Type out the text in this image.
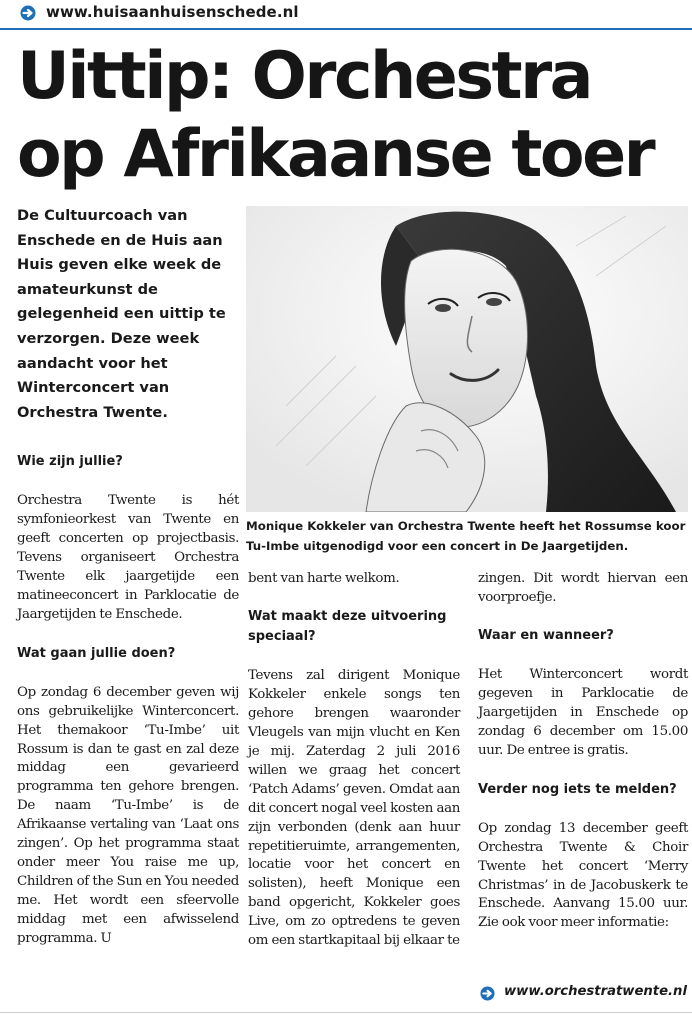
www.huisaanhuisenschede.nl
Uittip: Orchestra
op Afrikaanse toer
De Cultuurcoach van Enschede en de Huis aan Huis geven elke week de amateurkunst de gelegenheid een uittip te verzorgen. Deze week aandacht voor het Winterconcert van Orchestra Twente.
Monique Kokkeler van Orchestra Twente heeft het Rossumse koor Tu-Imbe uitgenodigd voor een concert in De Jaargetijden.
Wie zijn jullie?

Orchestra Twente is hét symfonieorkest van Twente en geeft concerten op projectbasis. Tevens organiseert Orchestra Twente elk jaargetijde een matineeconcert in Parklocatie de Jaargetijden te Enschede.

Wat gaan jullie doen?

Op zondag 6 december geven wij ons gebruikelijke Winterconcert. Het themakoor ‘Tu-Imbe’ uit Rossum is dan te gast en zal deze middag een gevarieerd programma ten gehore brengen. De naam ‘Tu-Imbe’ is de Afrikaanse vertaling van ‘Laat ons zingen’. Op het programma staat onder meer You raise me up, Children of the Sun en You needed me. Het wordt een sfeervolle middag met een afwisselend programma. U

bent van harte welkom.

Wat maakt deze uitvoering speciaal?

Tevens zal dirigent Monique Kokkeler enkele songs ten gehore brengen waaronder Vleugels van mijn vlucht en Ken je mij. Zaterdag 2 juli 2016 willen we graag het concert ‘Patch Adams’ geven. Omdat aan dit concert nogal veel kosten aan zijn verbonden (denk aan huur repetitieruimte, arrangementen, locatie voor het concert en solisten), heeft Monique een band opgericht, Kokkeler goes Live, om zo optredens te geven om een startkapitaal bij elkaar te

zingen. Dit wordt hiervan een voorproefje.

Waar en wanneer?

Het Winterconcert wordt gegeven in Parklocatie de Jaargetijden in Enschede op zondag 6 december om 15.00 uur. De entree is gratis.

Verder nog iets te melden?

Op zondag 13 december geeft Orchestra Twente & Choir Twente het concert ‘Merry Christmas’ in de Jacobuskerk te Enschede. Aanvang 15.00 uur. Zie ook voor meer informatie:

www.orchestratwente.nl
